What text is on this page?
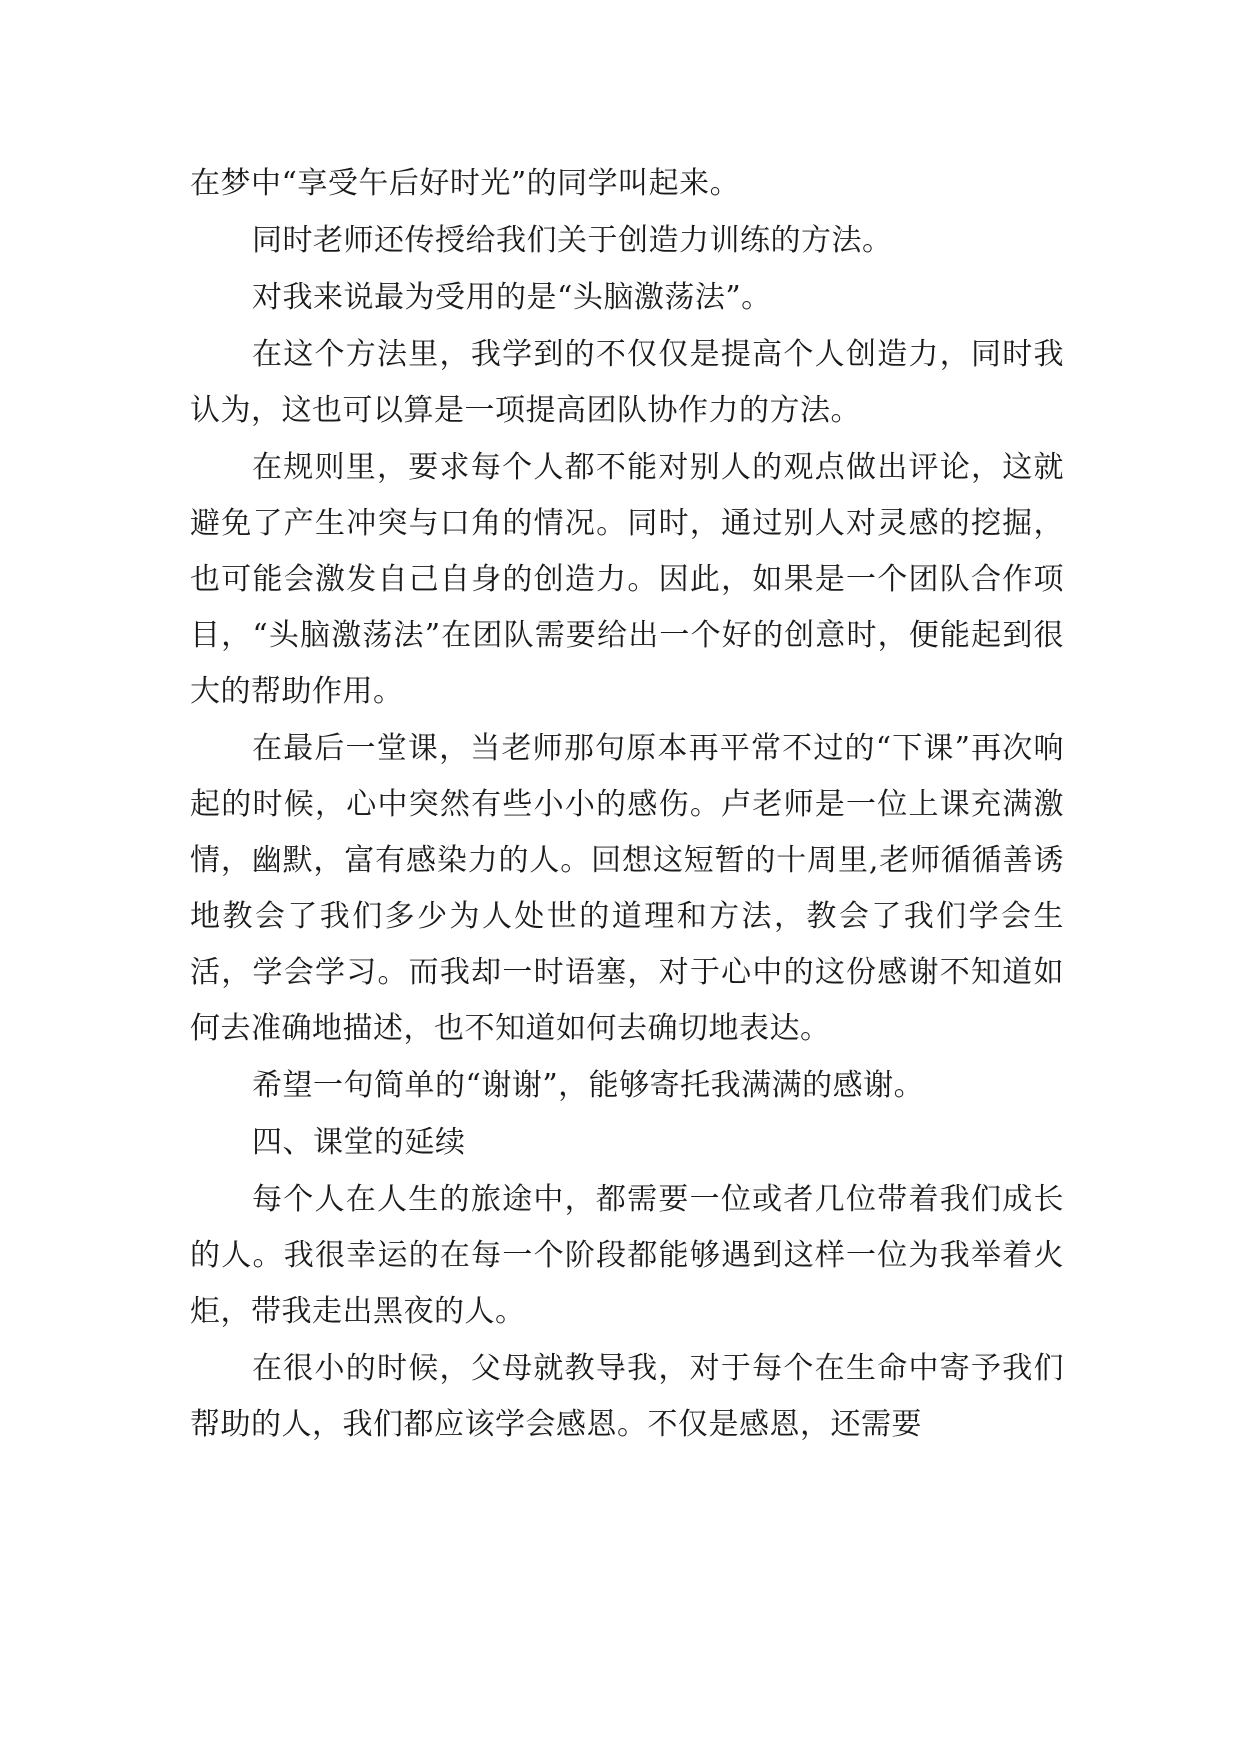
在梦中“享受午后好时光”的同学叫起来。

同时老师还传授给我们关于创造力训练的方法。

对我来说最为受用的是“头脑激荡法”。

在这个方法里，我学到的不仅仅是提高个人创造力，同时我认为，这也可以算是一项提高团队协作力的方法。

在规则里，要求每个人都不能对别人的观点做出评论，这就避免了产生冲突与口角的情况。同时，通过别人对灵感的挖掘，也可能会激发自己自身的创造力。因此，如果是一个团队合作项目，“头脑激荡法”在团队需要给出一个好的创意时，便能起到很大的帮助作用。

在最后一堂课，当老师那句原本再平常不过的“下课”再次响起的时候，心中突然有些小小的感伤。卢老师是一位上课充满激情，幽默，富有感染力的人。回想这短暂的十周里,老师循循善诱地教会了我们多少为人处世的道理和方法，教会了我们学会生活，学会学习。而我却一时语塞，对于心中的这份感谢不知道如何去准确地描述，也不知道如何去确切地表达。

希望一句简单的“谢谢”，能够寄托我满满的感谢。

四、课堂的延续

每个人在人生的旅途中，都需要一位或者几位带着我们成长的人。我很幸运的在每一个阶段都能够遇到这样一位为我举着火炬，带我走出黑夜的人。

在很小的时候，父母就教导我，对于每个在生命中寄予我们帮助的人，我们都应该学会感恩。不仅是感恩，还需要
